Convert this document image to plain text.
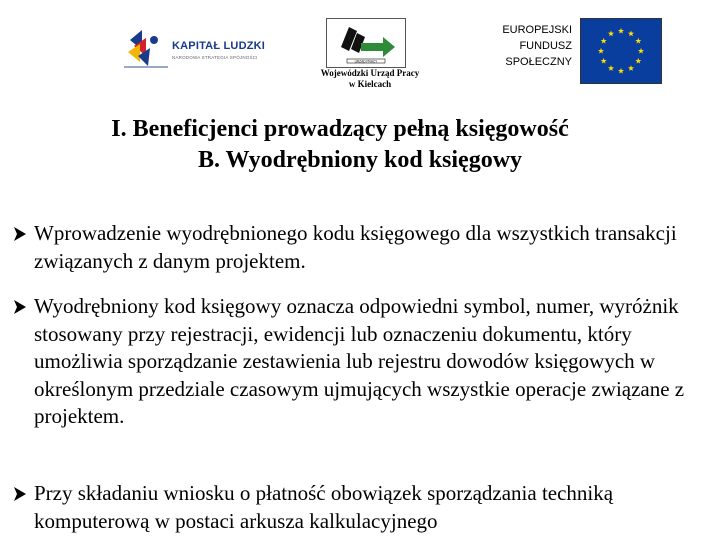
KAPITAŁ LUDZKI
NARODOWA STRATEGIA SPÓJNOŚCI
URZĄD PRACY
Wojewódzki Urząd Pracy
w Kielcach
EUROPEJSKI
FUNDUSZ
SPOŁECZNY
I. Beneficjenci prowadzący pełną księgowość
B. Wyodrębniony kod księgowy
Wprowadzenie wyodrębnionego kodu księgowego dla wszystkich transakcji związanych z danym projektem.
Wyodrębniony kod księgowy oznacza odpowiedni symbol, numer, wyróżnik stosowany przy rejestracji, ewidencji lub oznaczeniu dokumentu, który umożliwia sporządzanie zestawienia lub rejestru dowodów księgowych w określonym przedziale czasowym ujmujących wszystkie operacje związane z projektem.
Przy składaniu wniosku o płatność obowiązek sporządzania techniką komputerową w postaci arkusza kalkulacyjnego
